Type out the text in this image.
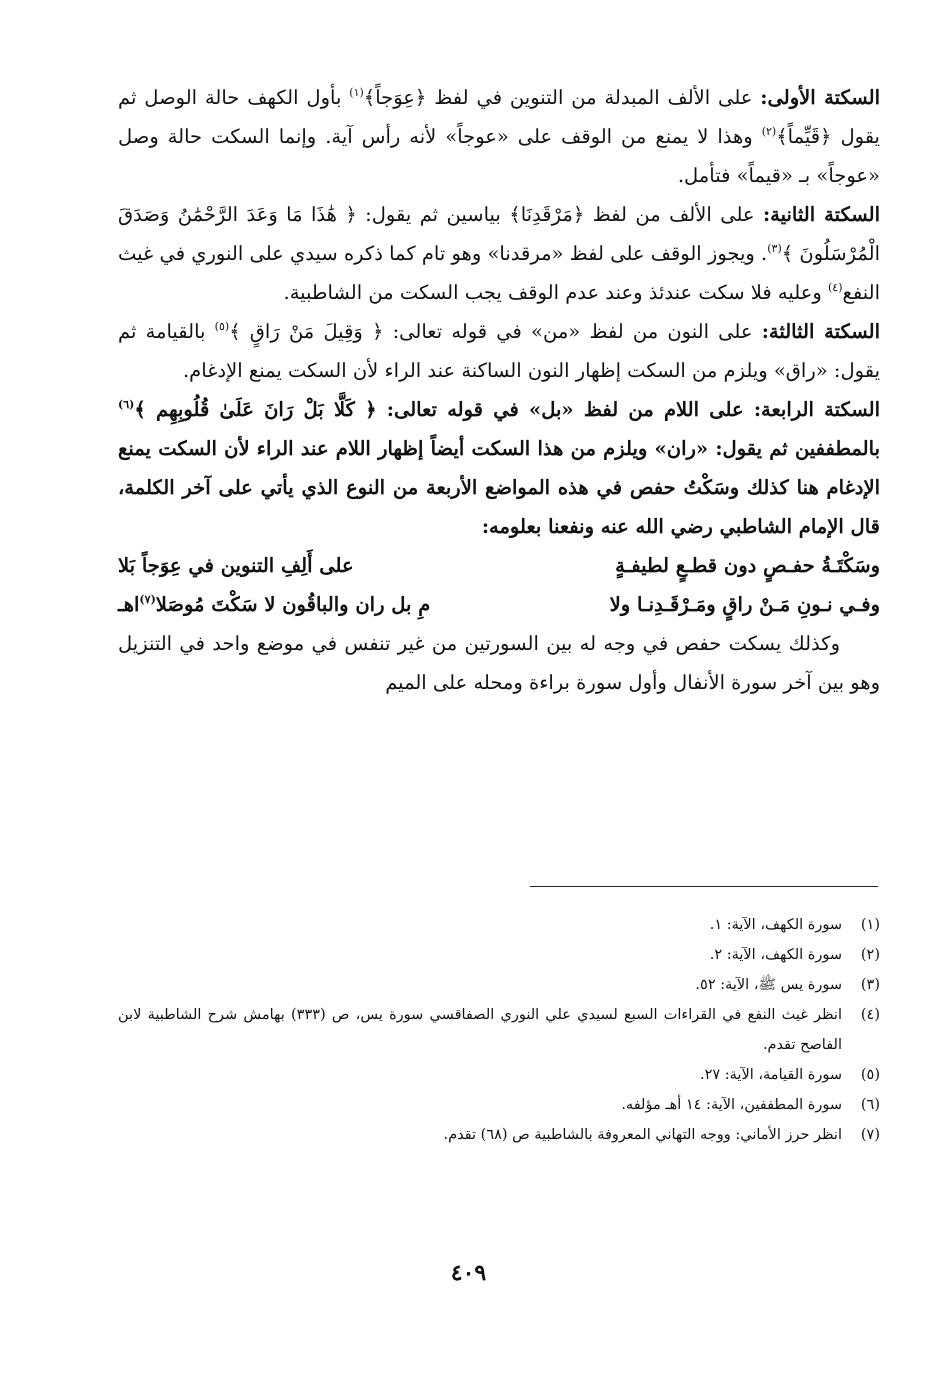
السكتة الأولى: على الألف المبدلة من التنوين في لفظ ﴿عِوَجاً﴾$^{(١)}$ بأول الكهف حالة الوصل ثم يقول ﴿قَيِّماً﴾$^{(٢)}$ وهذا لا يمنع من الوقف على «عوجاً» لأنه رأس آية. وإنما السكت حالة وصل «عوجاً» بـ «قيماً» فتأمل.

السكتة الثانية: على الألف من لفظ ﴿مَرْقَدِنَا﴾ بياسين ثم يقول: ﴿ هَٰذَا مَا وَعَدَ الرَّحْمَٰنُ وَصَدَقَ الْمُرْسَلُونَ ﴾$^{(٣)}$. ويجوز الوقف على لفظ «مرقدنا» وهو تام كما ذكره سيدي على النوري في غيث النفع$^{(٤)}$ وعليه فلا سكت عندئذ وعند عدم الوقف يجب السكت من الشاطبية.

السكتة الثالثة: على النون من لفظ «من» في قوله تعالى: ﴿ وَقِيلَ مَنْ رَاقٍ ﴾$^{(٥)}$ بالقيامة ثم يقول: «راق» ويلزم من السكت إظهار النون الساكنة عند الراء لأن السكت يمنع الإدغام.

السكتة الرابعة: على اللام من لفظ «بل» في قوله تعالى: ﴿ كَلَّا بَلْ رَانَ عَلَىٰ قُلُوبِهِم ﴾$^{(٦)}$ بالمطففين ثم يقول: «ران» ويلزم من هذا السكت أيضاً إظهار اللام عند الراء لأن السكت يمنع الإدغام هنا كذلك وسَكْتُ حفص في هذه المواضع الأربعة من النوع الذي يأتي على آخر الكلمة، قال الإمام الشاطبي رضي الله عنه ونفعنا بعلومه:

وسَكْتَـةُ حفـصٍ دون قطـعٍ لطيفـةٍ
على أَلِفِ التنوين في عِوَجاً بَلا
وفـي نـونِ مَـنْ راقٍ ومَـرْقَـدِنـا ولا
مِ بل ران والباقُون لا سَكْتَ مُوصَلا$^{(٧)}$اهـ

وكذلك يسكت حفص في وجه له بين السورتين من غير تنفس في موضع واحد في التنزيل وهو بين آخر سورة الأنفال وأول سورة براءة ومحله على الميم

(١)
سورة الكهف، الآية: ١.
(٢)
سورة الكهف، الآية: ٢.
(٣)
سورة يس ﷺ، الآية: ٥٢.
(٤)
انظر غيث النفع في القراءات السبع لسيدي علي النوري الصفاقسي سورة يس، ص (٣٣٣) بهامش شرح الشاطبية لابن الفاصح تقدم.
(٥)
سورة القيامة، الآية: ٢٧.
(٦)
سورة المطففين، الآية: ١٤ أهـ مؤلفه.
(٧)
انظر حرز الأماني: ووجه التهاني المعروفة بالشاطبية ص (٦٨) تقدم.
٤٠٩
